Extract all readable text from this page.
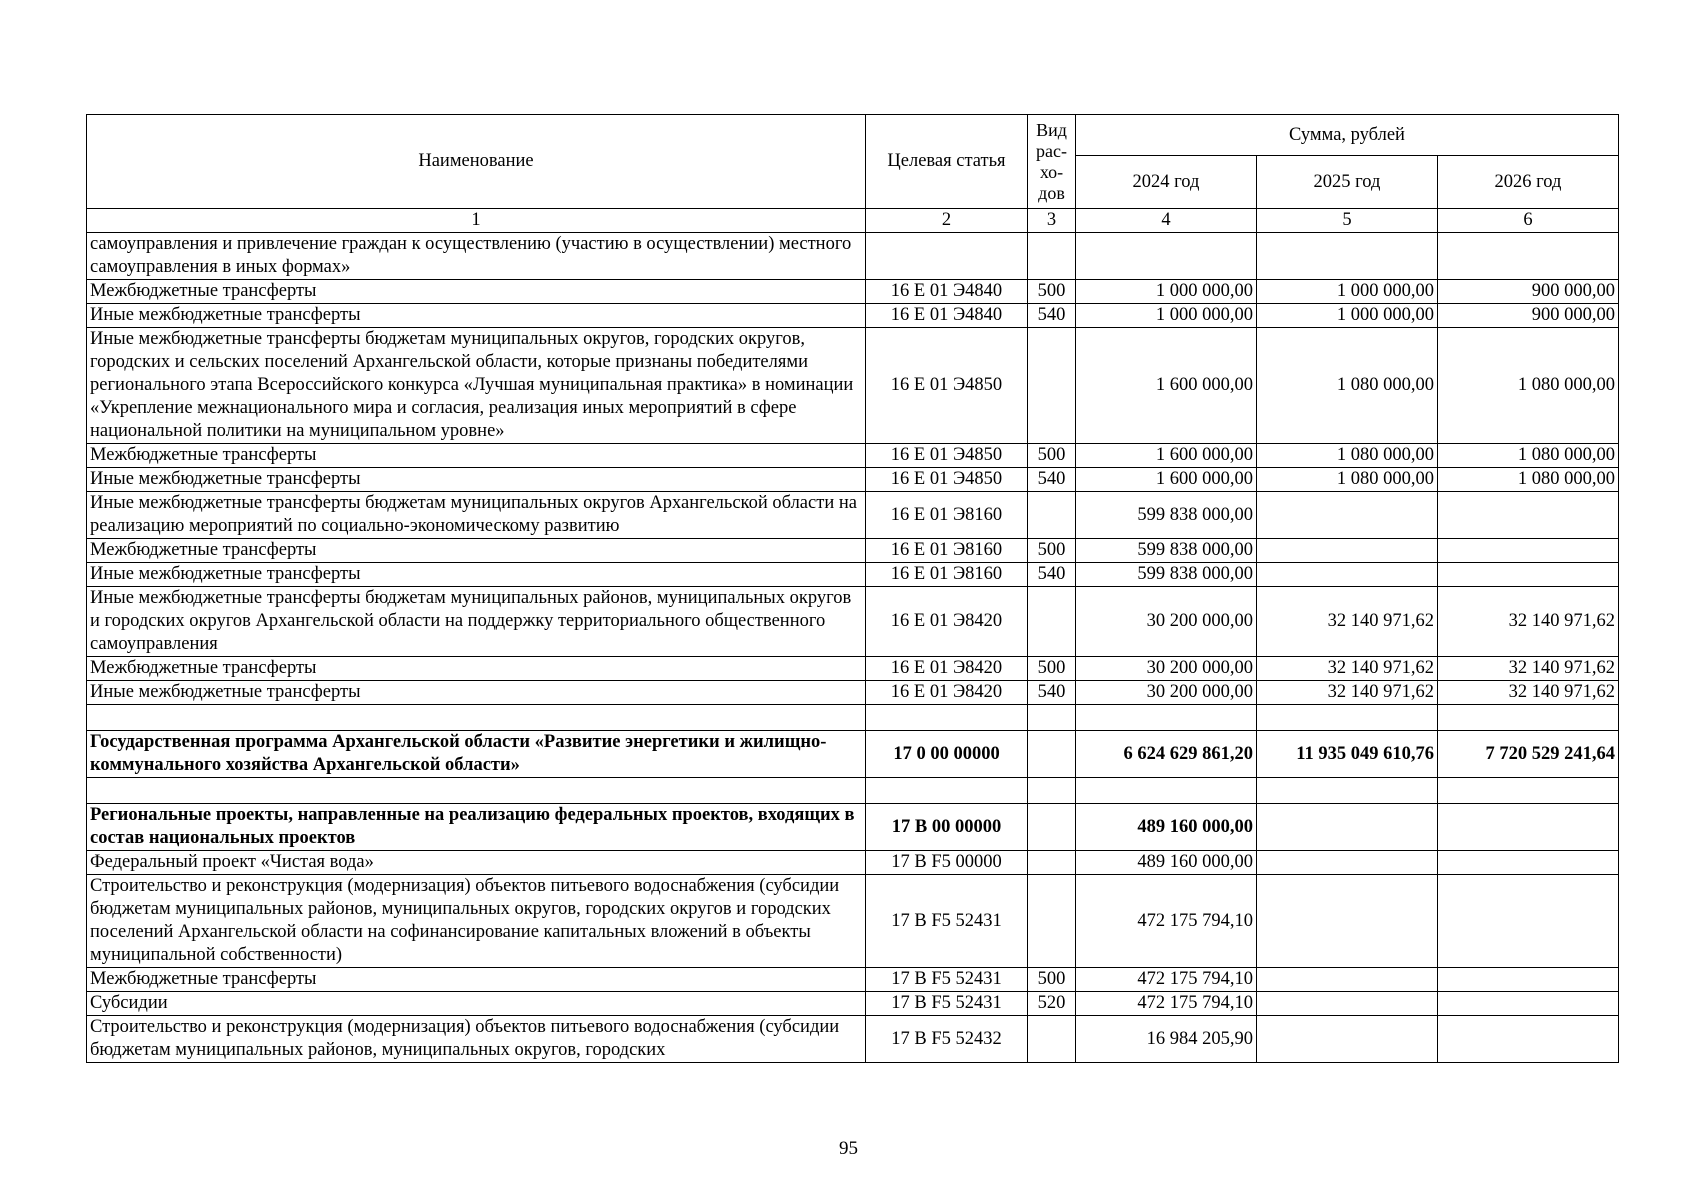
Наименование	Целевая статья	Вид рас-хо-дов	Сумма, рублей		
			2024 год	2025 год	2026 год
1	2	3	4	5	6
самоуправления и привлечение граждан к осуществлению (участию в осуществлении) местного самоуправления в иных формах»					
Межбюджетные трансферты	16 Е 01 Э4840	500	1 000 000,00	1 000 000,00	900 000,00
Иные межбюджетные трансферты	16 Е 01 Э4840	540	1 000 000,00	1 000 000,00	900 000,00
Иные межбюджетные трансферты бюджетам муниципальных округов, городских округов, городских и сельских поселений Архангельской области, которые признаны победителями регионального этапа Всероссийского конкурса «Лучшая муниципальная практика» в номинации «Укрепление межнационального мира и согласия, реализация иных мероприятий в сфере национальной политики на муниципальном уровне»	16 Е 01 Э4850		1 600 000,00	1 080 000,00	1 080 000,00
Межбюджетные трансферты	16 Е 01 Э4850	500	1 600 000,00	1 080 000,00	1 080 000,00
Иные межбюджетные трансферты	16 Е 01 Э4850	540	1 600 000,00	1 080 000,00	1 080 000,00
Иные межбюджетные трансферты бюджетам муниципальных округов Архангельской области на реализацию мероприятий по социально-экономическому развитию	16 Е 01 Э8160		599 838 000,00		
Межбюджетные трансферты	16 Е 01 Э8160	500	599 838 000,00		
Иные межбюджетные трансферты	16 Е 01 Э8160	540	599 838 000,00		
Иные межбюджетные трансферты бюджетам муниципальных районов, муниципальных округов и городских округов Архангельской области на поддержку территориального общественного самоуправления	16 Е 01 Э8420		30 200 000,00	32 140 971,62	32 140 971,62
Межбюджетные трансферты	16 Е 01 Э8420	500	30 200 000,00	32 140 971,62	32 140 971,62
Иные межбюджетные трансферты	16 Е 01 Э8420	540	30 200 000,00	32 140 971,62	32 140 971,62

Государственная программа Архангельской области «Развитие энергетики и жилищно-коммунального хозяйства Архангельской области»	17 0 00 00000		6 624 629 861,20	11 935 049 610,76	7 720 529 241,64

Региональные проекты, направленные на реализацию федеральных проектов, входящих в состав национальных проектов	17 В 00 00000		489 160 000,00		
Федеральный проект «Чистая вода»	17 В F5 00000		489 160 000,00		
Строительство и реконструкция (модернизация) объектов питьевого водоснабжения (субсидии бюджетам муниципальных районов, муниципальных округов, городских округов и городских поселений Архангельской области на софинансирование капитальных вложений в объекты муниципальной собственности)	17 В F5 52431		472 175 794,10		
Межбюджетные трансферты	17 В F5 52431	500	472 175 794,10		
Субсидии	17 В F5 52431	520	472 175 794,10		
Строительство и реконструкция (модернизация) объектов питьевого водоснабжения (субсидии бюджетам муниципальных районов, муниципальных округов, городских	17 В F5 52432		16 984 205,90		
95
